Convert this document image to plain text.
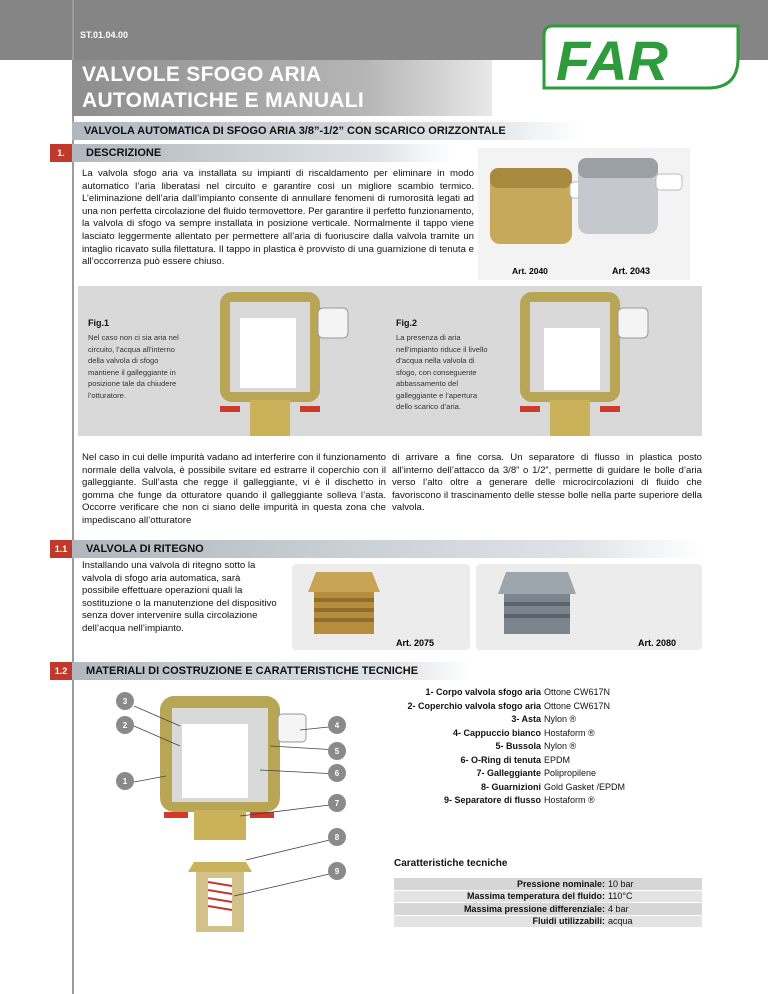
ST.01.04.00
VALVOLE SFOGO ARIA
AUTOMATICHE E MANUALI
FAR
flow evolution
VALVOLA AUTOMATICA DI SFOGO ARIA 3/8”-1/2” CON SCARICO ORIZZONTALE
1.	DESCRIZIONE
La valvola sfogo aria va installata su impianti di riscaldamento per eliminare in modo automatico l’aria liberatasi nel circuito e garantire così un migliore scambio termico. L’eliminazione dell’aria dall’impianto consente di annullare fenomeni di rumorosità legati ad una non perfetta circolazione del fluido termovettore. Per garantire il perfetto funzionamento, la valvola di sfogo va sempre installata in posizione verticale. Normalmente il tappo viene lasciato leggermente allentato per permettere all’aria di fuoriuscire dalla valvola tramite un intaglio ricavato sulla filettatura. Il tappo in plastica è provvisto di una guarnizione di tenuta e all’occorrenza può essere chiuso.
Art. 2040	Art. 2043
Fig.1
Nel caso non ci sia aria nel circuito, l’acqua all’interno della valvola di sfogo mantiene il galleggiante in posizione tale da chiudere l’otturatore.
Fig.2
La presenza di aria nell’impianto riduce il livello d’acqua nella valvola di sfogo, con conseguente abbassamento del galleggiante e l’apertura dello scarico d’aria.
Nel caso in cui delle impurità vadano ad interferire con il funzionamento normale della valvola, è possibile svitare ed estrarre il coperchio con il galleggiante. Sull’asta che regge il galleggiante, vi è il dischetto in gomma che funge da otturatore quando il galleggiante solleva l’asta. Occorre verificare che non ci siano delle impurità in questa zona che impediscano all’otturatore
di arrivare a fine corsa. Un separatore di flusso in plastica posto all’interno dell’attacco da 3/8” o 1/2”, permette di guidare le bolle d’aria verso l’alto oltre a generare delle microcircolazioni di fluido che favoriscono il trascinamento delle stesse bolle nella parte superiore della valvola.
1.1	VALVOLA DI RITEGNO
Installando una valvola di ritegno sotto la valvola di sfogo aria automatica, sarà possibile effettuare operazioni quali la sostituzione o la manutenzione del dispositivo senza dover intervenire sulla circolazione dell’acqua nell’impianto.
Art. 2075	Art. 2080
1.2	MATERIALI DI COSTRUZIONE E CARATTERISTICHE TECNICHE
3
2	4
5
1
6
7
8
9
1- Corpo valvola sfogo aria Ottone CW617N
2- Coperchio valvola sfogo aria Ottone CW617N
3- Asta Nylon ®
4- Cappuccio bianco Hostaform ®
5- Bussola Nylon ®
6- O-Ring di tenuta EPDM
7- Galleggiante Polipropilene
8- Guarnizioni Gold Gasket /EPDM
9- Separatore di flusso Hostaform ®
Caratteristiche tecniche
Pressione nominale: 10 bar
Massima temperatura del fluido: 110°C
Massima pressione differenziale: 4 bar
Fluidi utilizzabili: acqua
